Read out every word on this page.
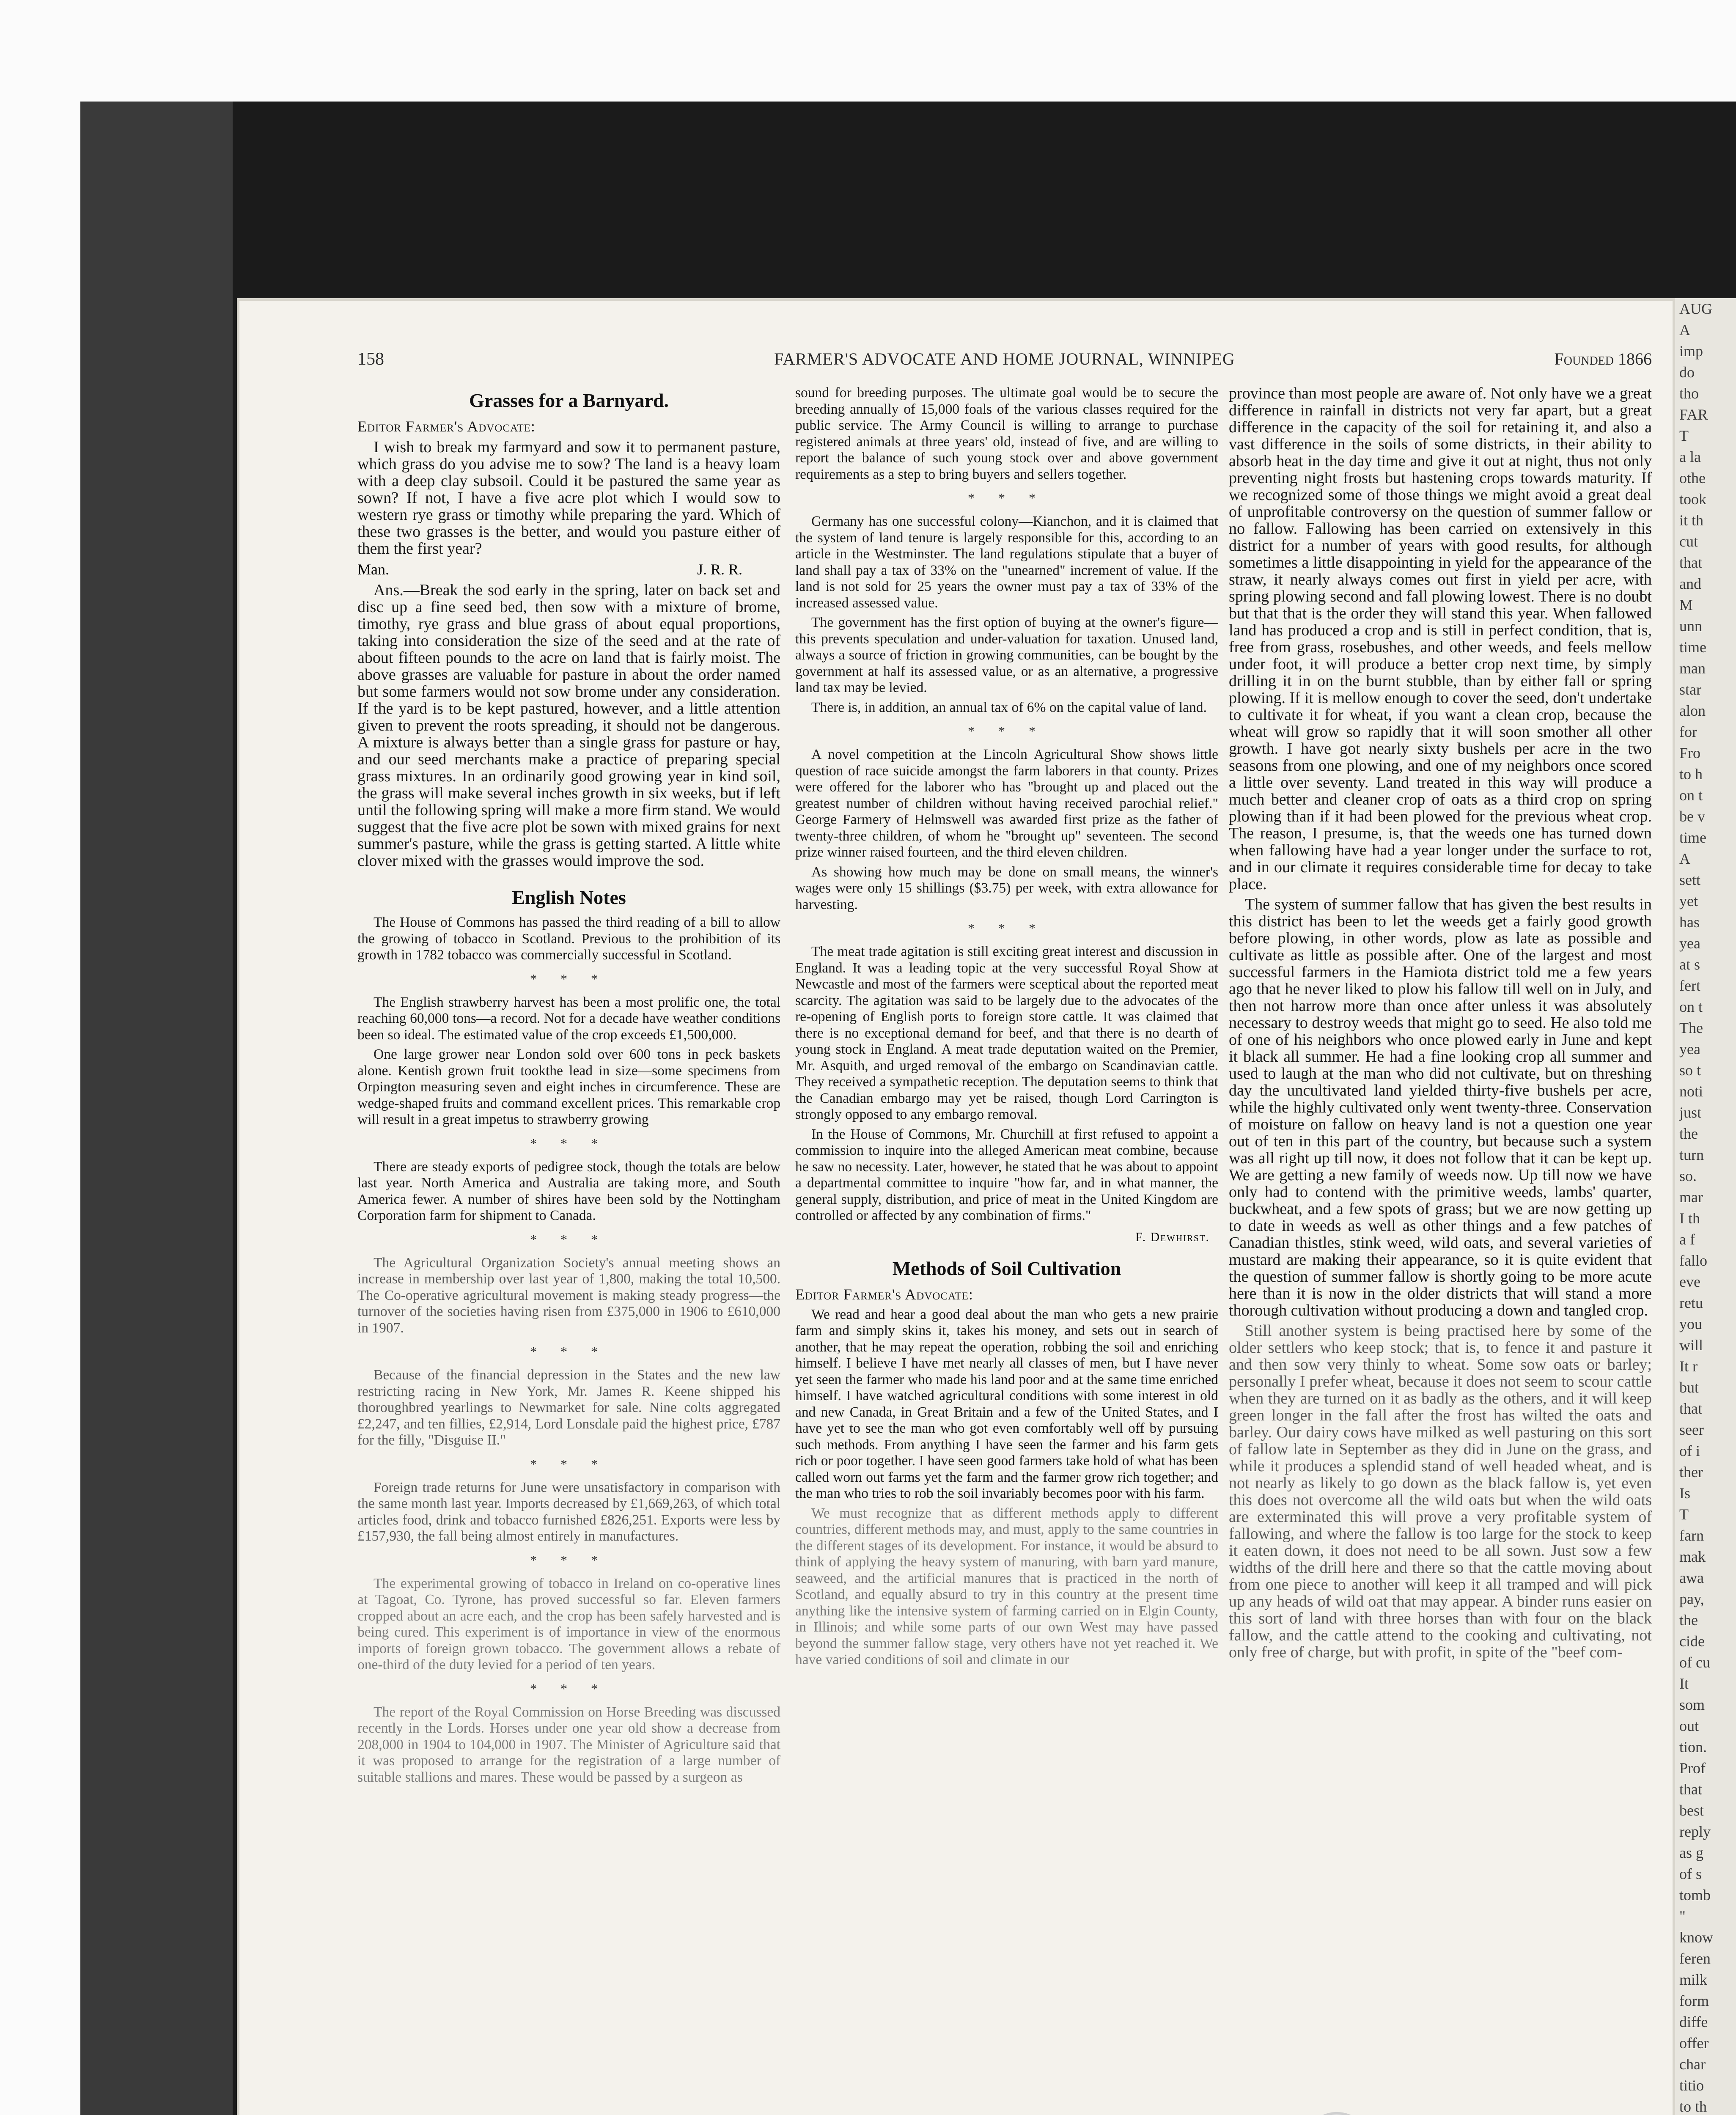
158	FARMER'S ADVOCATE AND HOME JOURNAL, WINNIPEG	Founded 1866
Grasses for a Barnyard.
Editor Farmer's Advocate:

I wish to break my farmyard and sow it to permanent pasture, which grass do you advise me to sow? The land is a heavy loam with a deep clay subsoil. Could it be pastured the same year as sown? If not, I have a five acre plot which I would sow to western rye grass or timothy while preparing the yard. Which of these two grasses is the better, and would you pasture either of them the first year?

Man.	J. R. R.

Ans.—Break the sod early in the spring, later on back set and disc up a fine seed bed, then sow with a mixture of brome, timothy, rye grass and blue grass of about equal proportions, taking into consideration the size of the seed and at the rate of about fifteen pounds to the acre on land that is fairly moist. The above grasses are valuable for pasture in about the order named but some farmers would not sow brome under any consideration. If the yard is to be kept pastured, however, and a little attention given to prevent the roots spreading, it should not be dangerous. A mixture is always better than a single grass for pasture or hay, and our seed merchants make a practice of preparing special grass mixtures. In an ordinarily good growing year in kind soil, the grass will make several inches growth in six weeks, but if left until the following spring will make a more firm stand. We would suggest that the five acre plot be sown with mixed grains for next summer's pasture, while the grass is getting started. A little white clover mixed with the grasses would improve the sod.

English Notes

The House of Commons has passed the third reading of a bill to allow the growing of tobacco in Scotland. Previous to the prohibition of its growth in 1782 tobacco was commercially successful in Scotland.

* * *

The English strawberry harvest has been a most prolific one, the total reaching 60,000 tons—a record. Not for a decade have weather conditions been so ideal. The estimated value of the crop exceeds £1,500,000.

One large grower near London sold over 600 tons in peck baskets alone. Kentish grown fruit tookthe lead in size—some specimens from Orpington measuring seven and eight inches in circumference. These are wedge-shaped fruits and command excellent prices. This remarkable crop will result in a great impetus to strawberry growing

* * *

There are steady exports of pedigree stock, though the totals are below last year. North America and Australia are taking more, and South America fewer. A number of shires have been sold by the Nottingham Corporation farm for shipment to Canada.

* * *

The Agricultural Organization Society's annual meeting shows an increase in membership over last year of 1,800, making the total 10,500. The Co-operative agricultural movement is making steady progress—the turnover of the societies having risen from £375,000 in 1906 to £610,000 in 1907.

* * *

Because of the financial depression in the States and the new law restricting racing in New York, Mr. James R. Keene shipped his thoroughbred yearlings to Newmarket for sale. Nine colts aggregated £2,247, and ten fillies, £2,914, Lord Lonsdale paid the highest price, £787 for the filly, "Disguise II."

* * *

Foreign trade returns for June were unsatisfactory in comparison with the same month last year. Imports decreased by £1,669,263, of which total articles food, drink and tobacco furnished £826,251. Exports were less by £157,930, the fall being almost entirely in manufactures.

* * *

The experimental growing of tobacco in Ireland on co-operative lines at Tagoat, Co. Tyrone, has proved successful so far. Eleven farmers cropped about an acre each, and the crop has been safely harvested and is being cured. This experiment is of importance in view of the enormous imports of foreign grown tobacco. The government allows a rebate of one-third of the duty levied for a period of ten years.

* * *

The report of the Royal Commission on Horse Breeding was discussed recently in the Lords. Horses under one year old show a decrease from 208,000 in 1904 to 104,000 in 1907. The Minister of Agriculture said that it was proposed to arrange for the registration of a large number of suitable stallions and mares. These would be passed by a surgeon as

sound for breeding purposes. The ultimate goal would be to secure the breeding annually of 15,000 foals of the various classes required for the public service. The Army Council is willing to arrange to purchase registered animals at three years' old, instead of five, and are willing to report the balance of such young stock over and above government requirements as a step to bring buyers and sellers together.

* * *

Germany has one successful colony—Kianchon, and it is claimed that the system of land tenure is largely responsible for this, according to an article in the Westminster. The land regulations stipulate that a buyer of land shall pay a tax of 33% on the "unearned" increment of value. If the land is not sold for 25 years the owner must pay a tax of 33% of the increased assessed value.

The government has the first option of buying at the owner's figure—this prevents speculation and under-valuation for taxation. Unused land, always a source of friction in growing communities, can be bought by the government at half its assessed value, or as an alternative, a progressive land tax may be levied.

There is, in addition, an annual tax of 6% on the capital value of land.

* * *

A novel competition at the Lincoln Agricultural Show shows little question of race suicide amongst the farm laborers in that county. Prizes were offered for the laborer who has "brought up and placed out the greatest number of children without having received parochial relief." George Farmery of Helmswell was awarded first prize as the father of twenty-three children, of whom he "brought up" seventeen. The second prize winner raised fourteen, and the third eleven children.

As showing how much may be done on small means, the winner's wages were only 15 shillings ($3.75) per week, with extra allowance for harvesting.

* * *

The meat trade agitation is still exciting great interest and discussion in England. It was a leading topic at the very successful Royal Show at Newcastle and most of the farmers were sceptical about the reported meat scarcity. The agitation was said to be largely due to the advocates of the re-opening of English ports to foreign store cattle. It was claimed that there is no exceptional demand for beef, and that there is no dearth of young stock in England. A meat trade deputation waited on the Premier, Mr. Asquith, and urged removal of the embargo on Scandinavian cattle. They received a sympathetic reception. The deputation seems to think that the Canadian embargo may yet be raised, though Lord Carrington is strongly opposed to any embargo removal.

In the House of Commons, Mr. Churchill at first refused to appoint a commission to inquire into the alleged American meat combine, because he saw no necessity. Later, however, he stated that he was about to appoint a departmental committee to inquire "how far, and in what manner, the general supply, distribution, and price of meat in the United Kingdom are controlled or affected by any combination of firms."

F. Dewhirst.
Methods of Soil Cultivation
Editor Farmer's Advocate:

We read and hear a good deal about the man who gets a new prairie farm and simply skins it, takes his money, and sets out in search of another, that he may repeat the operation, robbing the soil and enriching himself. I believe I have met nearly all classes of men, but I have never yet seen the farmer who made his land poor and at the same time enriched himself. I have watched agricultural conditions with some interest in old and new Canada, in Great Britain and a few of the United States, and I have yet to see the man who got even comfortably well off by pursuing such methods. From anything I have seen the farmer and his farm gets rich or poor together. I have seen good farmers take hold of what has been called worn out farms yet the farm and the farmer grow rich together; and the man who tries to rob the soil invariably becomes poor with his farm.

We must recognize that as different methods apply to different countries, different methods may, and must, apply to the same countries in the different stages of its development. For instance, it would be absurd to think of applying the heavy system of manuring, with barn yard manure, seaweed, and the artificial manures that is practiced in the north of Scotland, and equally absurd to try in this country at the present time anything like the intensive system of farming carried on in Elgin County, in Illinois; and while some parts of our own West may have passed beyond the summer fallow stage, very others have not yet reached it. We have varied conditions of soil and climate in our

province than most people are aware of. Not only have we a great difference in rainfall in districts not very far apart, but a great difference in the capacity of the soil for retaining it, and also a vast difference in the soils of some districts, in their ability to absorb heat in the day time and give it out at night, thus not only preventing night frosts but hastening crops towards maturity. If we recognized some of those things we might avoid a great deal of unprofitable controversy on the question of summer fallow or no fallow. Fallowing has been carried on extensively in this district for a number of years with good results, for although sometimes a little disappointing in yield for the appearance of the straw, it nearly always comes out first in yield per acre, with spring plowing second and fall plowing lowest. There is no doubt but that that is the order they will stand this year. When fallowed land has produced a crop and is still in perfect condition, that is, free from grass, rosebushes, and other weeds, and feels mellow under foot, it will produce a better crop next time, by simply drilling it in on the burnt stubble, than by either fall or spring plowing. If it is mellow enough to cover the seed, don't undertake to cultivate it for wheat, if you want a clean crop, because the wheat will grow so rapidly that it will soon smother all other growth. I have got nearly sixty bushels per acre in the two seasons from one plowing, and one of my neighbors once scored a little over seventy. Land treated in this way will produce a much better and cleaner crop of oats as a third crop on spring plowing than if it had been plowed for the previous wheat crop. The reason, I presume, is, that the weeds one has turned down when fallowing have had a year longer under the surface to rot, and in our climate it requires considerable time for decay to take place.

The system of summer fallow that has given the best results in this district has been to let the weeds get a fairly good growth before plowing, in other words, plow as late as possible and cultivate as little as possible after. One of the largest and most successful farmers in the Hamiota district told me a few years ago that he never liked to plow his fallow till well on in July, and then not harrow more than once after unless it was absolutely necessary to destroy weeds that might go to seed. He also told me of one of his neighbors who once plowed early in June and kept it black all summer. He had a fine looking crop all summer and used to laugh at the man who did not cultivate, but on threshing day the uncultivated land yielded thirty-five bushels per acre, while the highly cultivated only went twenty-three. Conservation of moisture on fallow on heavy land is not a question one year out of ten in this part of the country, but because such a system was all right up till now, it does not follow that it can be kept up. We are getting a new family of weeds now. Up till now we have only had to contend with the primitive weeds, lambs' quarter, buckwheat, and a few spots of grass; but we are now getting up to date in weeds as well as other things and a few patches of Canadian thistles, stink weed, wild oats, and several varieties of mustard are making their appearance, so it is quite evident that the question of summer fallow is shortly going to be more acute here than it is now in the older districts that will stand a more thorough cultivation without producing a down and tangled crop.

Still another system is being practised here by some of the older settlers who keep stock; that is, to fence it and pasture it and then sow very thinly to wheat. Some sow oats or barley; personally I prefer wheat, because it does not seem to scour cattle when they are turned on it as badly as the others, and it will keep green longer in the fall after the frost has wilted the oats and barley. Our dairy cows have milked as well pasturing on this sort of fallow late in September as they did in June on the grass, and while it produces a splendid stand of well headed wheat, and is not nearly as likely to go down as the black fallow is, yet even this does not overcome all the wild oats but when the wild oats are exterminated this will prove a very profitable system of fallowing, and where the fallow is too large for the stock to keep it eaten down, it does not need to be all sown. Just sow a few widths of the drill here and there so that the cattle moving about from one piece to another will keep it all tramped and will pick up any heads of wild oat that may appear. A binder runs easier on this sort of land with three horses than with four on the black fallow, and the cattle attend to the cooking and cultivating, not only free of charge, but with profit, in spite of the "beef com-

AUG
A
imp
do
tho
FAR
T
a la
othe
took
it th
cut
that
and
M
unn
time
man
star
alon
for
Fro
to h
on t
be v
time
A
sett
yet
has
yea
at s
fert
on t
The
yea
so t
noti
just
the
turn
so.
mar
I th
a f
fallo
eve
retu
you
will
It r
but
that
seer
of i
ther
Is
T
farn
mak
awa
pay,
the
cide
of cu
It
som
out
tion.
Prof
that
best
reply
as g
of s
tomb
"
know
feren
milk
form
diffe
offer
char
titio
to th
